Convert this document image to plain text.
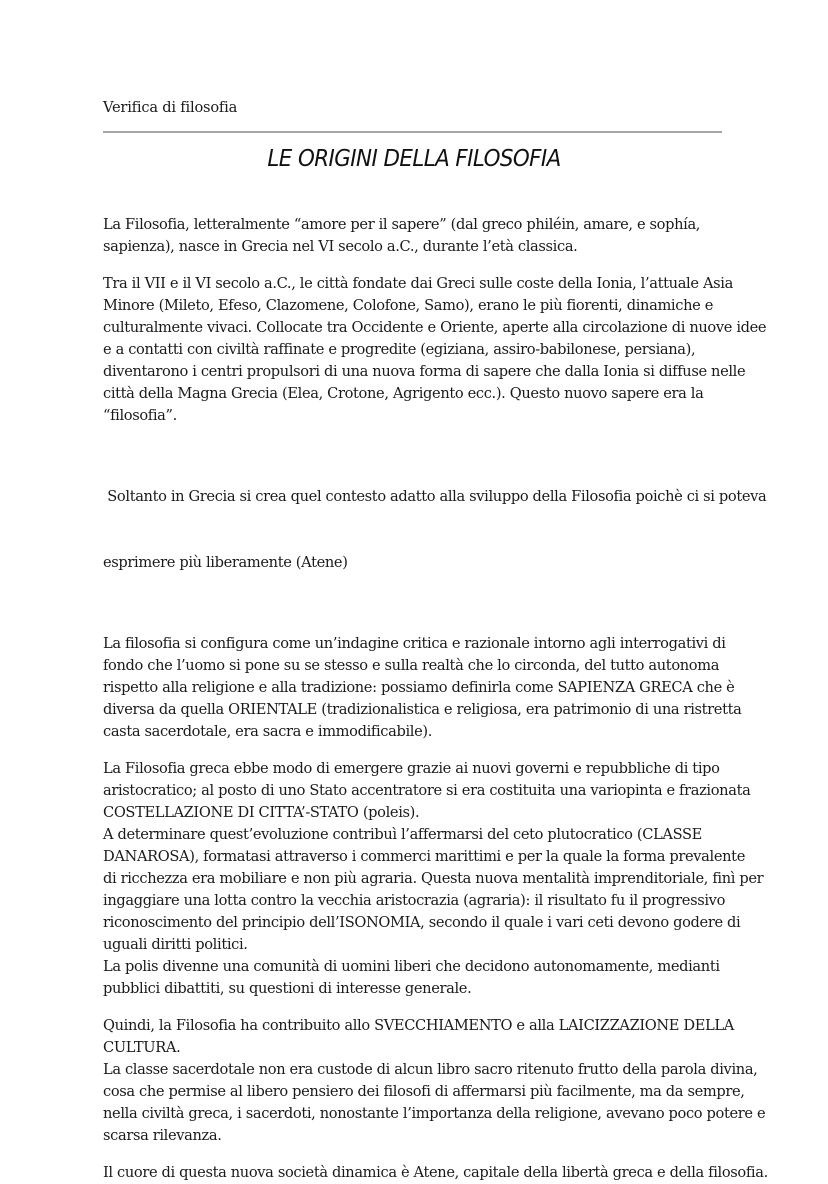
Verifica di filosofia
LE ORIGINI DELLA FILOSOFIA

La Filosofia, letteralmente “amore per il sapere” (dal greco philéin, amare, e sophía,
sapienza), nasce in Grecia nel VI secolo a.C., durante l’età classica.

Tra il VII e il VI secolo a.C., le città fondate dai Greci sulle coste della Ionia, l’attuale Asia
Minore (Mileto, Efeso, Clazomene, Colofone, Samo), erano le più fiorenti, dinamiche e
culturalmente vivaci. Collocate tra Occidente e Oriente, aperte alla circolazione di nuove idee
e a contatti con civiltà raffinate e progredite (egiziana, assiro-babilonese, persiana),
diventarono i centri propulsori di una nuova forma di sapere che dalla Ionia si diffuse nelle
città della Magna Grecia (Elea, Crotone, Agrigento ecc.). Questo nuovo sapere era la
“filosofia”.

Soltanto in Grecia si crea quel contesto adatto alla sviluppo della Filosofia poichè ci si poteva

esprimere più liberamente (Atene)

La filosofia si configura come un’indagine critica e razionale intorno agli interrogativi di
fondo che l’uomo si pone su se stesso e sulla realtà che lo circonda, del tutto autonoma
rispetto alla religione e alla tradizione: possiamo definirla come SAPIENZA GRECA che è
diversa da quella ORIENTALE (tradizionalistica e religiosa, era patrimonio di una ristretta
casta sacerdotale, era sacra e immodificabile).

La Filosofia greca ebbe modo di emergere grazie ai nuovi governi e repubbliche di tipo
aristocratico; al posto di uno Stato accentratore si era costituita una variopinta e frazionata
COSTELLAZIONE DI CITTA’-STATO (poleis).
A determinare quest’evoluzione contribuì l’affermarsi del ceto plutocratico (CLASSE
DANAROSA), formatasi attraverso i commerci marittimi e per la quale la forma prevalente
di ricchezza era mobiliare e non più agraria. Questa nuova mentalità imprenditoriale, finì per
ingaggiare una lotta contro la vecchia aristocrazia (agraria): il risultato fu il progressivo
riconoscimento del principio dell’ISONOMIA, secondo il quale i vari ceti devono godere di
uguali diritti politici.
La polis divenne una comunità di uomini liberi che decidono autonomamente, medianti
pubblici dibattiti, su questioni di interesse generale.

Quindi, la Filosofia ha contribuito allo SVECCHIAMENTO e alla LAICIZZAZIONE DELLA
CULTURA.
La classe sacerdotale non era custode di alcun libro sacro ritenuto frutto della parola divina,
cosa che permise al libero pensiero dei filosofi di affermarsi più facilmente, ma da sempre,
nella civiltà greca, i sacerdoti, nonostante l’importanza della religione, avevano poco potere e
scarsa rilevanza.

Il cuore di questa nuova società dinamica è Atene, capitale della libertà greca e della filosofia.
